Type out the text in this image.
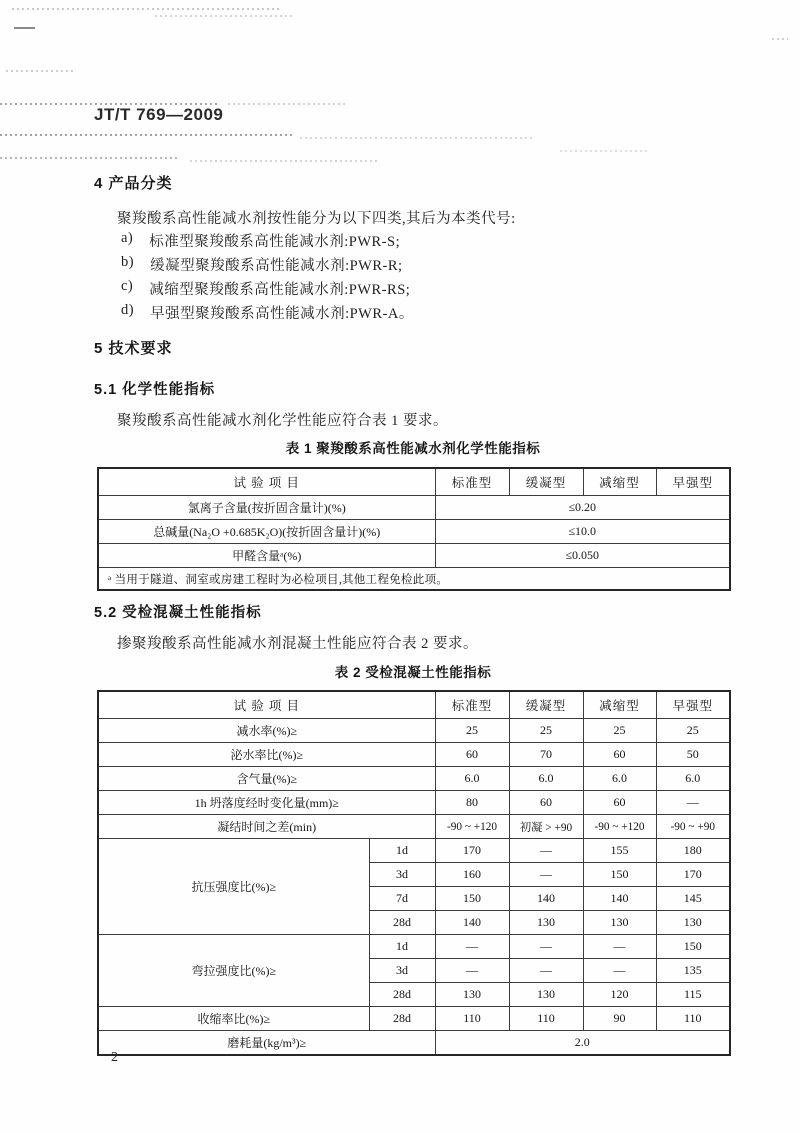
JT/T 769—2009
4 产品分类
聚羧酸系高性能减水剂按性能分为以下四类,其后为本类代号:
a) 标准型聚羧酸系高性能减水剂:PWR-S;
b) 缓凝型聚羧酸系高性能减水剂:PWR-R;
c) 减缩型聚羧酸系高性能减水剂:PWR-RS;
d) 早强型聚羧酸系高性能减水剂:PWR-A。
5 技术要求
5.1 化学性能指标
聚羧酸系高性能减水剂化学性能应符合表 1 要求。
表 1 聚羧酸系高性能减水剂化学性能指标
试 验 项 目	标准型	缓凝型	减缩型	早强型
氯离子含量(按折固含量计)(%)	≤0.20			
总碱量(Na₂O +0.685K₂O)(按折固含量计)(%)	≤10.0			
甲醛含量ᵃ(%)	≤0.050			
ᵃ 当用于隧道、洞室或房建工程时为必检项目,其他工程免检此项。				
5.2 受检混凝土性能指标
掺聚羧酸系高性能减水剂混凝土性能应符合表 2 要求。
表 2 受检混凝土性能指标
试 验 项 目		标准型	缓凝型	减缩型	早强型
减水率(%)≥		25	25	25	25
泌水率比(%)≥		60	70	60	50
含气量(%)≥		6.0	6.0	6.0	6.0
1h 坍落度经时变化量(mm)≥		80	60	60	—
凝结时间之差(min)		-90 ~ +120	初凝 > +90	-90 ~ +120	-90 ~ +90
抗压强度比(%)≥	1d	170	—	155	180
	3d	160	—	150	170
	7d	150	140	140	145
	28d	140	130	130	130
弯拉强度比(%)≥	1d	—	—	—	150
	3d	—	—	—	135
	28d	130	130	120	115
收缩率比(%)≥	28d	110	110	90	110
磨耗量(kg/m³)≥		2.0			
2
